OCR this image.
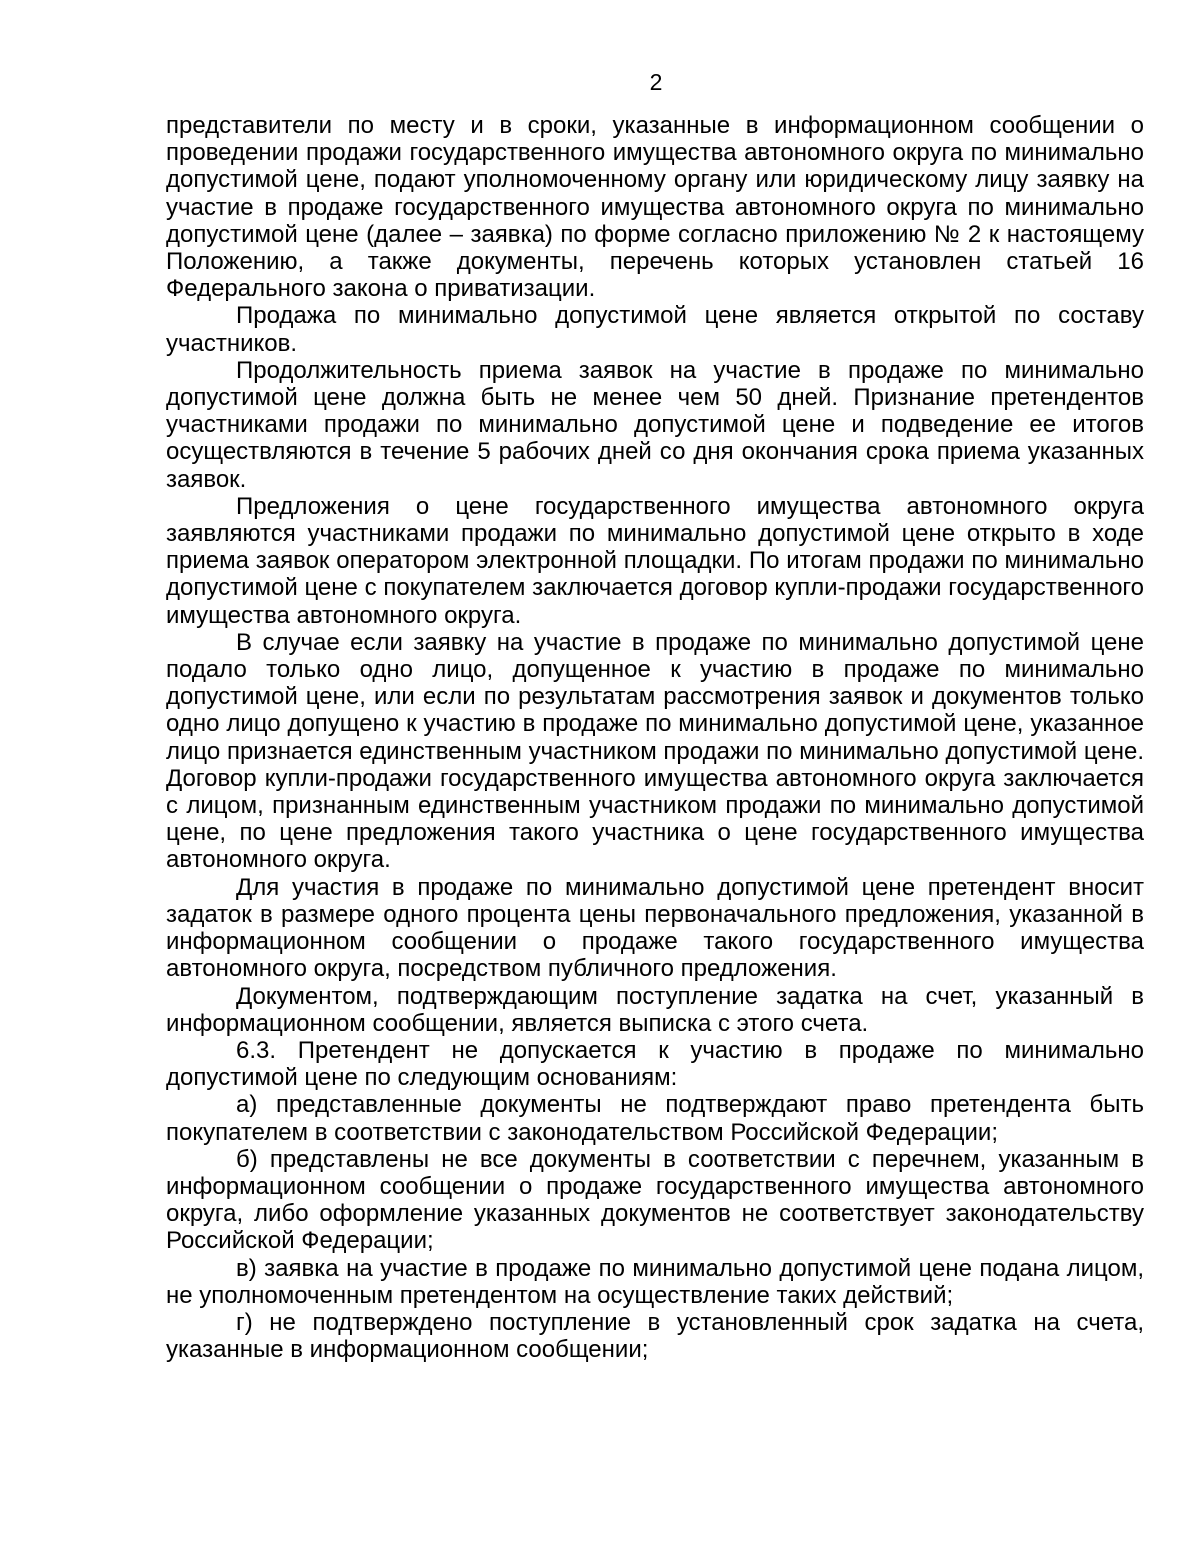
2

представители по месту и в сроки, указанные в информационном сообщении о проведении продажи государственного имущества автономного округа по минимально допустимой цене, подают уполномоченному органу или юридическому лицу заявку на участие в продаже государственного имущества автономного округа по минимально допустимой цене (далее – заявка) по форме согласно приложению № 2 к настоящему Положению, а также документы, перечень которых установлен статьей 16 Федерального закона о приватизации.

Продажа по минимально допустимой цене является открытой по составу участников.

Продолжительность приема заявок на участие в продаже по минимально допустимой цене должна быть не менее чем 50 дней. Признание претендентов участниками продажи по минимально допустимой цене и подведение ее итогов осуществляются в течение 5 рабочих дней со дня окончания срока приема указанных заявок.

Предложения о цене государственного имущества автономного округа заявляются участниками продажи по минимально допустимой цене открыто в ходе приема заявок оператором электронной площадки. По итогам продажи по минимально допустимой цене с покупателем заключается договор купли-продажи государственного имущества автономного округа.

В случае если заявку на участие в продаже по минимально допустимой цене подало только одно лицо, допущенное к участию в продаже по минимально допустимой цене, или если по результатам рассмотрения заявок и документов только одно лицо допущено к участию в продаже по минимально допустимой цене, указанное лицо признается единственным участником продажи по минимально допустимой цене. Договор купли-продажи государственного имущества автономного округа заключается с лицом, признанным единственным участником продажи по минимально допустимой цене, по цене предложения такого участника о цене государственного имущества автономного округа.

Для участия в продаже по минимально допустимой цене претендент вносит задаток в размере одного процента цены первоначального предложения, указанной в информационном сообщении о продаже такого государственного имущества автономного округа, посредством публичного предложения.

Документом, подтверждающим поступление задатка на счет, указанный в информационном сообщении, является выписка с этого счета.

6.3. Претендент не допускается к участию в продаже по минимально допустимой цене по следующим основаниям:

а) представленные документы не подтверждают право претендента быть покупателем в соответствии с законодательством Российской Федерации;

б) представлены не все документы в соответствии с перечнем, указанным в информационном сообщении о продаже государственного имущества автономного округа, либо оформление указанных документов не соответствует законодательству Российской Федерации;

в) заявка на участие в продаже по минимально допустимой цене подана лицом, не уполномоченным претендентом на осуществление таких действий;

г) не подтверждено поступление в установленный срок задатка на счета, указанные в информационном сообщении;
